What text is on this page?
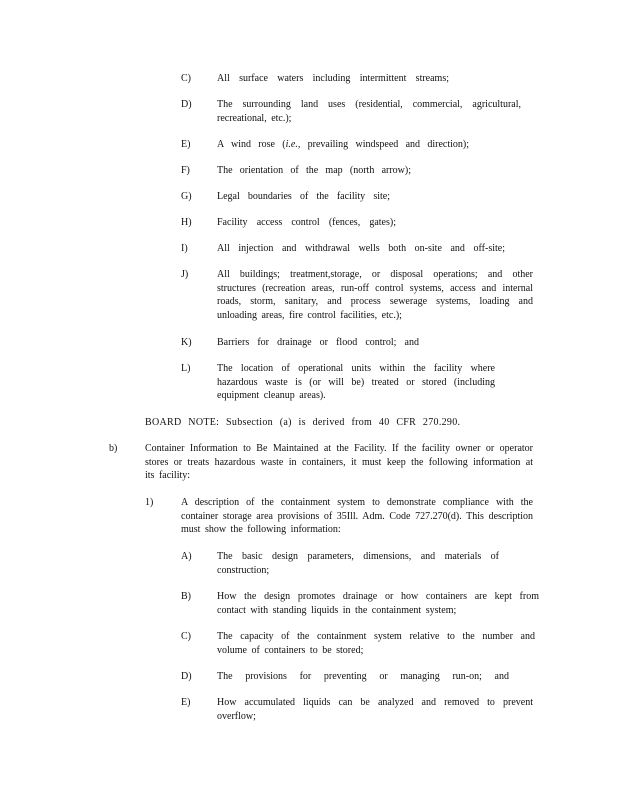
C)	All surface waters including intermittent streams;
D)	The surrounding land uses (residential, commercial, agricultural, recreational, etc.);
E)	A wind rose (i.e., prevailing windspeed and direction);
F)	The orientation of the map (north arrow);
G)	Legal boundaries of the facility site;
H)	Facility access control (fences, gates);
I)	All injection and withdrawal wells both on-site and off-site;
J)	All buildings; treatment,storage, or disposal operations; and other structures (recreation areas, run-off control systems, access and internal roads, storm, sanitary, and process sewerage systems, loading and unloading areas, fire control facilities, etc.);
K)	Barriers for drainage or flood control; and
L)	The location of operational units within the facility where hazardous waste is (or will be) treated or stored (including equipment cleanup areas).
BOARD NOTE: Subsection (a) is derived from 40 CFR 270.290.
b)	Container Information to Be Maintained at the Facility. If the facility owner or operator stores or treats hazardous waste in containers, it must keep the following information at its facility:
1)	A description of the containment system to demonstrate compliance with the container storage area provisions of 35Ill. Adm. Code 727.270(d). This description must show the following information:
A)	The basic design parameters, dimensions, and materials of construction;
B)	How the design promotes drainage or how containers are kept from contact with standing liquids in the containment system;
C)	The capacity of the containment system relative to the number and volume of containers to be stored;
D)	The provisions for preventing or managing run-on; and
E)	How accumulated liquids can be analyzed and removed to prevent overflow;
